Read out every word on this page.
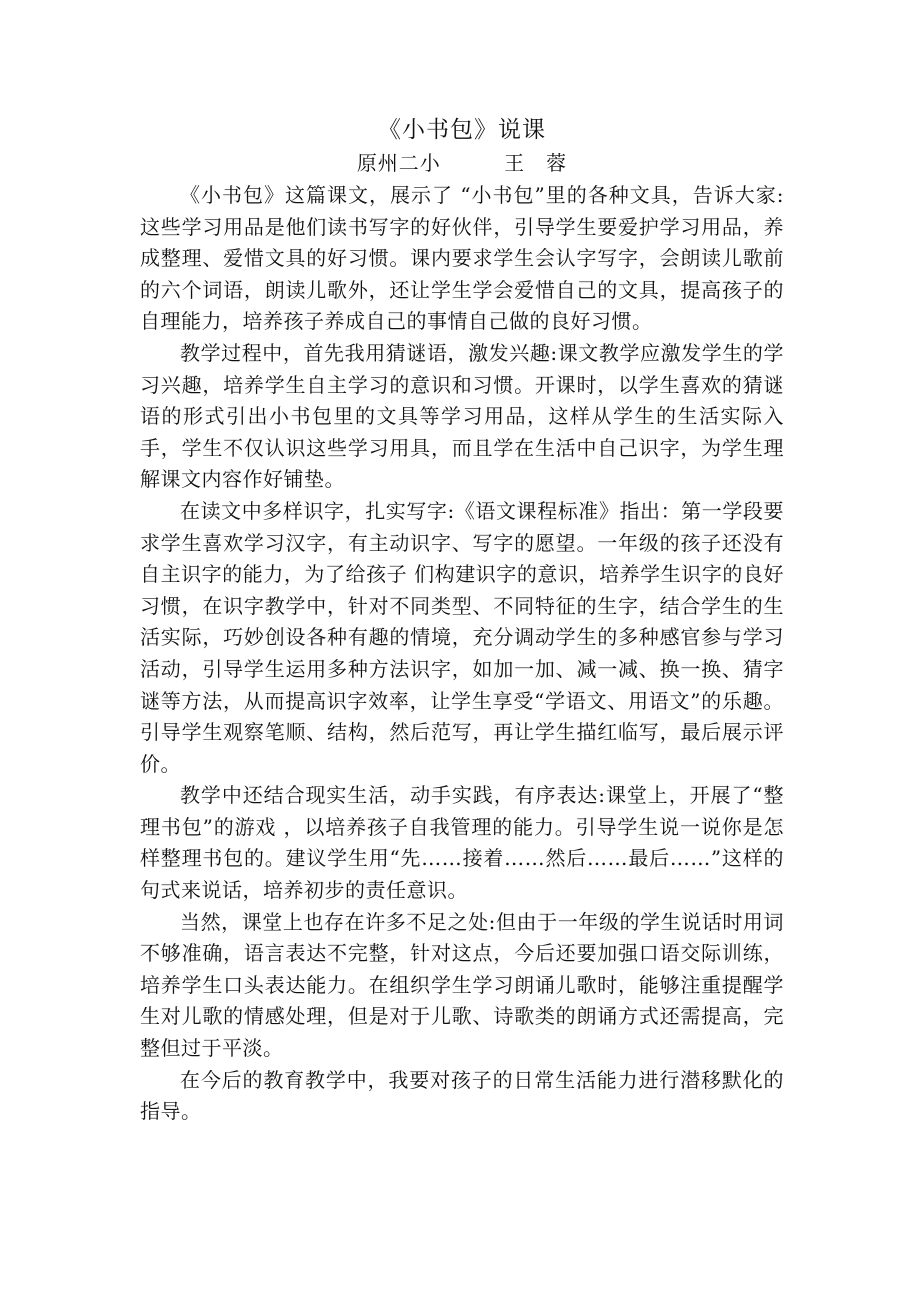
《小书包》说课
原州二小	王　蓉

《小书包》这篇课文，展示了 “小书包”里的各种文具，告诉大家:这些学习用品是他们读书写字的好伙伴，引导学生要爱护学习用品，养成整理、爱惜文具的好习惯。课内要求学生会认字写字，会朗读儿歌前的六个词语，朗读儿歌外，还让学生学会爱惜自己的文具，提高孩子的自理能力，培养孩子养成自己的事情自己做的良好习惯。

教学过程中，首先我用猜谜语，激发兴趣:课文教学应激发学生的学习兴趣，培养学生自主学习的意识和习惯。开课时，以学生喜欢的猜谜语的形式引出小书包里的文具等学习用品，这样从学生的生活实际入手，学生不仅认识这些学习用具，而且学在生活中自己识字，为学生理解课文内容作好铺垫。

在读文中多样识字，扎实写字:《语文课程标准》指出：第一学段要求学生喜欢学习汉字，有主动识字、写字的愿望。一年级的孩子还没有自主识字的能力，为了给孩子 们构建识字的意识，培养学生识字的良好习惯，在识字教学中，针对不同类型、不同特征的生字，结合学生的生活实际，巧妙创设各种有趣的情境，充分调动学生的多种感官参与学习活动，引导学生运用多种方法识字，如加一加、减一减、换一换、猜字谜等方法，从而提高识字效率，让学生享受“学语文、用语文”的乐趣。引导学生观察笔顺、结构，然后范写，再让学生描红临写，最后展示评价。

教学中还结合现实生活，动手实践，有序表达:课堂上，开展了“整理书包”的游戏 ，以培养孩子自我管理的能力。引导学生说一说你是怎样整理书包的。建议学生用“先……接着……然后……最后……”这样的句式来说话，培养初步的责任意识。

当然，课堂上也存在许多不足之处:但由于一年级的学生说话时用词不够准确，语言表达不完整，针对这点，今后还要加强口语交际训练，培养学生口头表达能力。在组织学生学习朗诵儿歌时，能够注重提醒学生对儿歌的情感处理，但是对于儿歌、诗歌类的朗诵方式还需提高，完整但过于平淡。

在今后的教育教学中，我要对孩子的日常生活能力进行潜移默化的指导。
